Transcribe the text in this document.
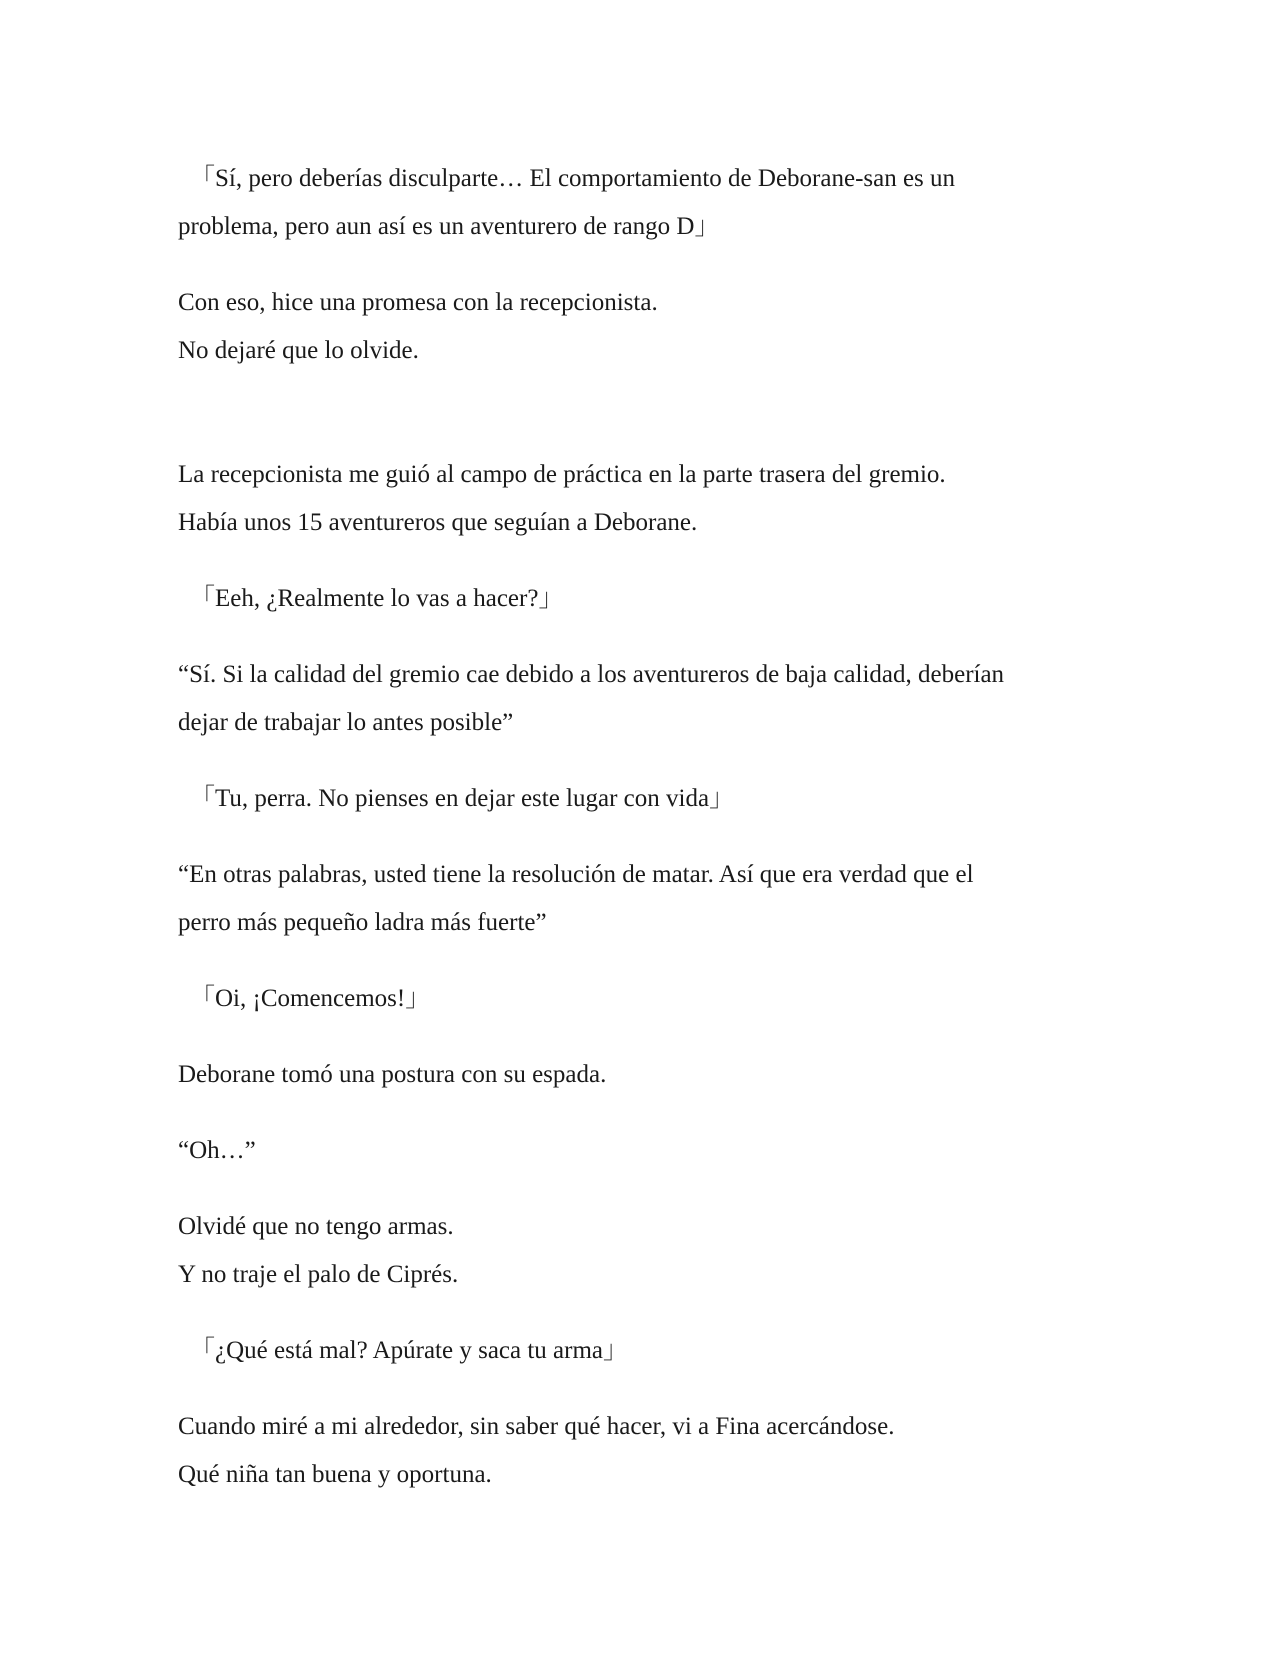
「Sí, pero deberías disculparte… El comportamiento de Deborane-san es un
problema, pero aun así es un aventurero de rango D」

Con eso, hice una promesa con la recepcionista.
No dejaré que lo olvide.

La recepcionista me guió al campo de práctica en la parte trasera del gremio.
Había unos 15 aventureros que seguían a Deborane.

「Eeh, ¿Realmente lo vas a hacer?」

“Sí. Si la calidad del gremio cae debido a los aventureros de baja calidad, deberían
dejar de trabajar lo antes posible”

「Tu, perra. No pienses en dejar este lugar con vida」

“En otras palabras, usted tiene la resolución de matar. Así que era verdad que el
perro más pequeño ladra más fuerte”

「Oi, ¡Comencemos!」

Deborane tomó una postura con su espada.

“Oh…”

Olvidé que no tengo armas.
Y no traje el palo de Ciprés.

「¿Qué está mal? Apúrate y saca tu arma」

Cuando miré a mi alrededor, sin saber qué hacer, vi a Fina acercándose.
Qué niña tan buena y oportuna.
